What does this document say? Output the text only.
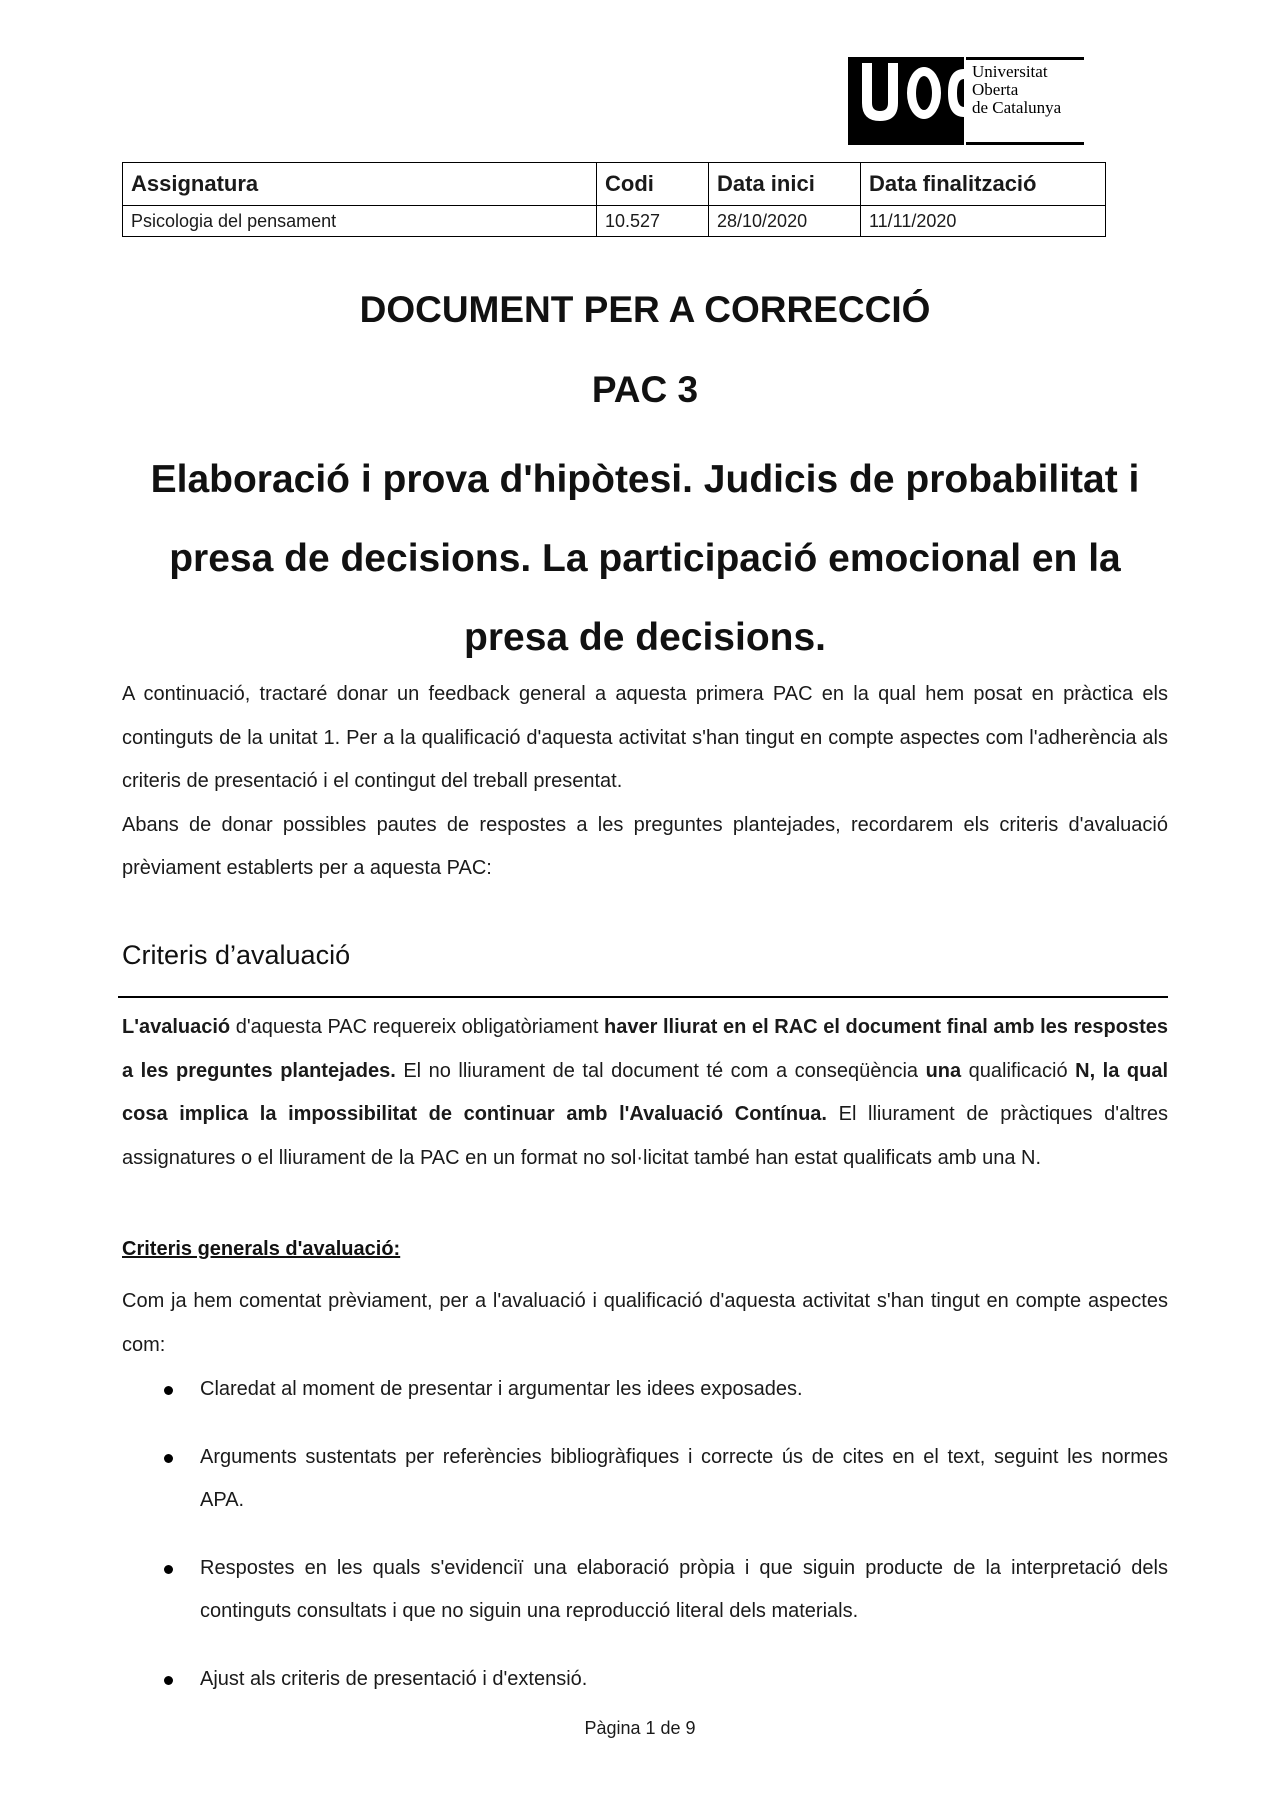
Universitat
Oberta
de Catalunya
Assignatura	Codi	Data inici	Data finalització
Psicologia del pensament	10.527	28/10/2020	11/11/2020
DOCUMENT PER A CORRECCIÓ
PAC 3
Elaboració i prova d'hipòtesi. Judicis de probabilitat i presa de decisions. La participació emocional en la presa de decisions.

A continuació, tractaré donar un feedback general a aquesta primera PAC en la qual hem posat en pràctica els continguts de la unitat 1. Per a la qualificació d'aquesta activitat s'han tingut en compte aspectes com l'adherència als criteris de presentació i el contingut del treball presentat.

Abans de donar possibles pautes de respostes a les preguntes plantejades, recordarem els criteris d'avaluació prèviament establerts per a aquesta PAC:

Criteris d’avaluació

L'avaluació d'aquesta PAC requereix obligatòriament haver lliurat en el RAC el document final amb les respostes a les preguntes plantejades. El no lliurament de tal document té com a conseqüència una qualificació N, la qual cosa implica la impossibilitat de continuar amb l'Avaluació Contínua. El lliurament de pràctiques d'altres assignatures o el lliurament de la PAC en un format no sol·licitat també han estat qualificats amb una N.

Criteris generals d'avaluació:

Com ja hem comentat prèviament, per a l'avaluació i qualificació d'aquesta activitat s'han tingut en compte aspectes com:

Claredat al moment de presentar i argumentar les idees exposades.
Arguments sustentats per referències bibliogràfiques i correcte ús de cites en el text, seguint les normes APA.
Respostes en les quals s'evidenciï una elaboració pròpia i que siguin producte de la interpretació dels continguts consultats i que no siguin una reproducció literal dels materials.
Ajust als criteris de presentació i d'extensió.
Pàgina 1 de 9
